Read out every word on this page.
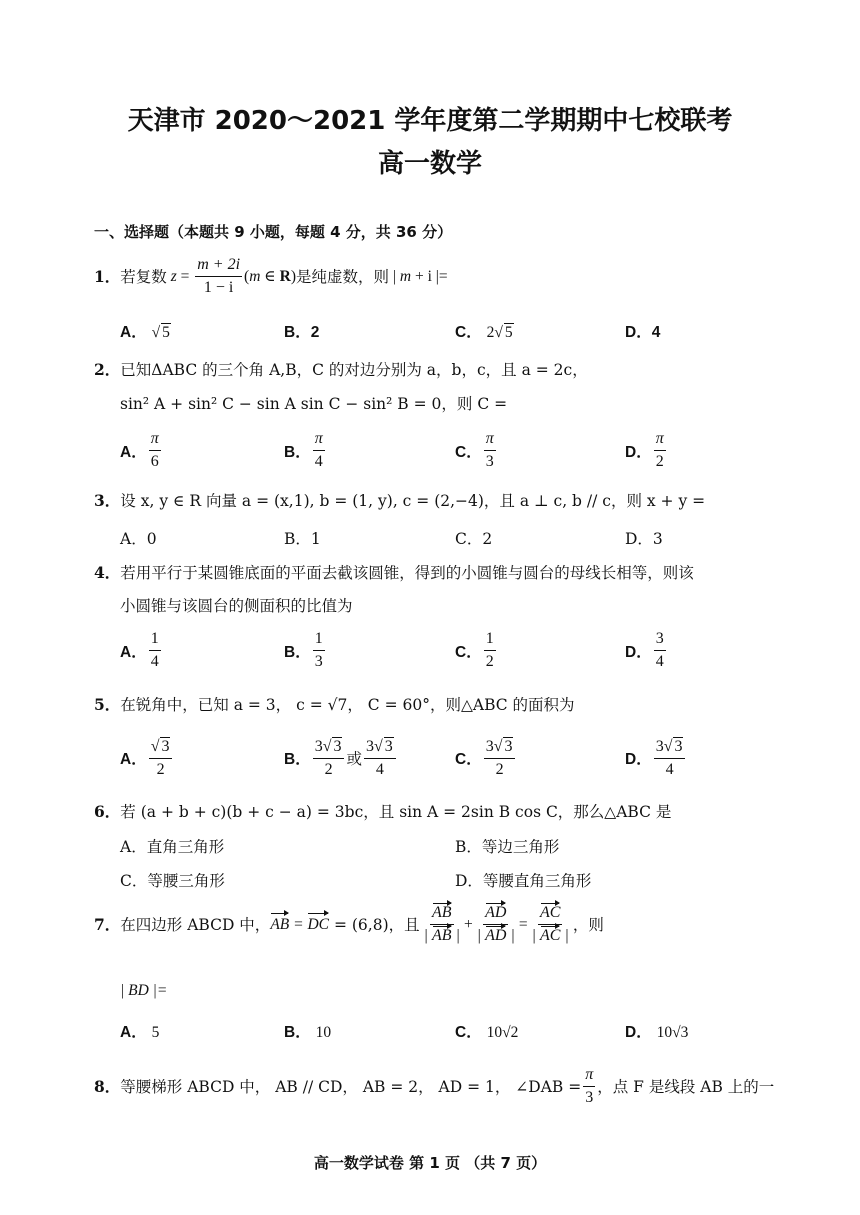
天津市 2020～2021 学年度第二学期期中七校联考
高一数学
一、选择题（本题共 9 小题，每题 4 分，共 36 分）
1． 若复数 $z = \frac{m + 2i}{1 - i} (m$ ∈ R) 是纯虚数，则 | m + i |=
A． √ 5	B．2	C． 2√ 5	D．4
2．已知ΔABC 的三个角 A,B，C 的对边分别为 a，b，c，且 a = 2c，
sin² A + sin² C − sin A sin C − sin² B = 0，则 C =
A． $\frac{\pi}{6}$	B． $\frac{\pi}{4}$	C． $\frac{\pi}{3}$	D． $\frac{\pi}{2}$
3．设 x, y ∈ R 向量 a = (x,1), b = (1, y), c = (2,−4)，且 a ⊥ c, b // c，则 x + y =
A．0	B．1	C．2	D．3
4．若用平行于某圆锥底面的平面去截该圆锥，得到的小圆锥与圆台的母线长相等，则该
小圆锥与该圆台的侧面积的比值为
A． $\frac{1}{4}$	B． $\frac{1}{3}$	C． $\frac{1}{2}$	D． $\frac{3}{4}$
5．在锐角中，已知 a = 3， c = √7， C = 60°，则△ABC 的面积为
A． $\frac{√ 3}{2}$	B． $\frac{3√ 3}{2}$ 或 $\frac{3√ 3}{4}$	C． $\frac{3√ 3}{2}$	D． $\frac{3√ 3}{4}$
6．若 (a + b + c)(b + c − a) = 3bc，且 sin A = 2sin B cos C，那么△ABC 是
A．直角三角形	B．等边三角形
C．等腰三角形	D．等腰直角三角形
7． 在四边形 ABCD 中， AB = DC
= (6,8)，且 $\frac{AB}{| AB |} + \frac{AD}{| AD |} = \frac{AC}{| AC |}$ ，则
| BD |=
A． 5	B． 10	C． 10√2	D． 10√3
8． 等腰梯形 ABCD 中， AB // CD， AB = 2， AD = 1， ∠DAB = $\frac{\pi}{3}$ ，点 F 是线段 AB 上的一
高一数学试卷 第 1 页 （共 7 页）
